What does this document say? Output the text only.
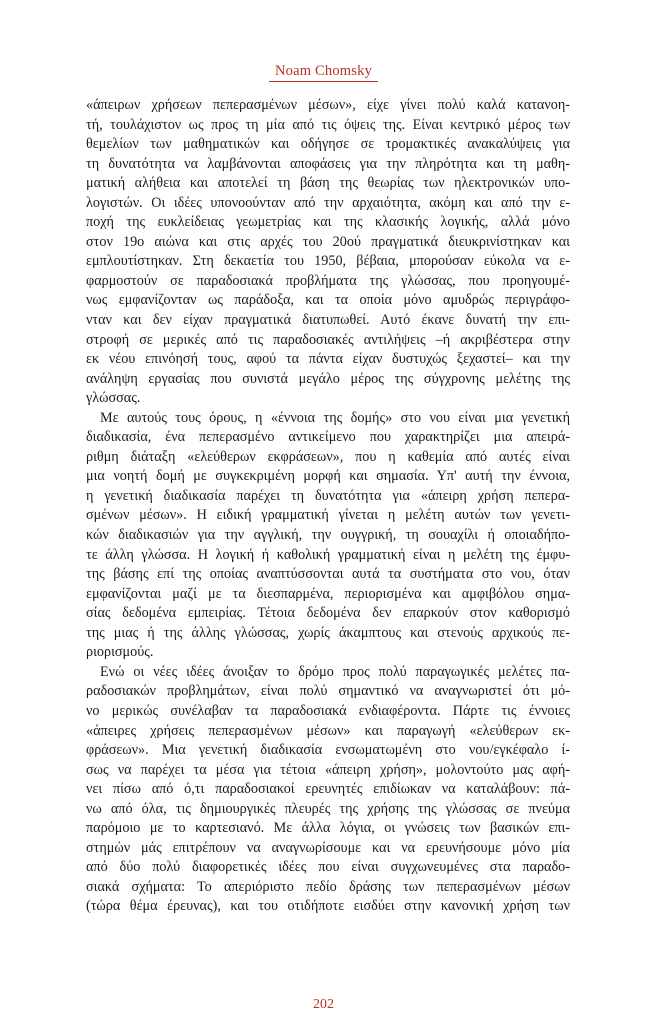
Noam Chomsky

«άπειρων χρήσεων πεπερασμένων μέσων», είχε γίνει πολύ καλά κατανοη-
τή, τουλάχιστον ως προς τη μία από τις όψεις της. Είναι κεντρικό μέρος των
θεμελίων των μαθηματικών και οδήγησε σε τρομακτικές ανακαλύψεις για
τη δυνατότητα να λαμβάνονται αποφάσεις για την πληρότητα και τη μαθη-
ματική αλήθεια και αποτελεί τη βάση της θεωρίας των ηλεκτρονικών υπο-
λογιστών. Οι ιδέες υπονοούνταν από την αρχαιότητα, ακόμη και από την ε-
ποχή της ευκλείδειας γεωμετρίας και της κλασικής λογικής, αλλά μόνο
στον 19ο αιώνα και στις αρχές του 20ού πραγματικά διευκρινίστηκαν και
εμπλουτίστηκαν. Στη δεκαετία του 1950, βέβαια, μπορούσαν εύκολα να ε-
φαρμοστούν σε παραδοσιακά προβλήματα της γλώσσας, που προηγουμέ-
νως εμφανίζονταν ως παράδοξα, και τα οποία μόνο αμυδρώς περιγράφο-
νταν και δεν είχαν πραγματικά διατυπωθεί. Αυτό έκανε δυνατή την επι-
στροφή σε μερικές από τις παραδοσιακές αντιλήψεις –ή ακριβέστερα στην
εκ νέου επινόησή τους, αφού τα πάντα είχαν δυστυχώς ξεχαστεί– και την
ανάληψη εργασίας που συνιστά μεγάλο μέρος της σύγχρονης μελέτης της
γλώσσας.

Με αυτούς τους όρους, η «έννοια της δομής» στο νου είναι μια γενετική
διαδικασία, ένα πεπερασμένο αντικείμενο που χαρακτηρίζει μια απειρά-
ριθμη διάταξη «ελεύθερων εκφράσεων», που η καθεμία από αυτές είναι
μια νοητή δομή με συγκεκριμένη μορφή και σημασία. Υπ' αυτή την έννοια,
η γενετική διαδικασία παρέχει τη δυνατότητα για «άπειρη χρήση πεπερα-
σμένων μέσων». Η ειδική γραμματική γίνεται η μελέτη αυτών των γενετι-
κών διαδικασιών για την αγγλική, την ουγγρική, τη σουαχίλι ή οποιαδήπο-
τε άλλη γλώσσα. Η λογική ή καθολική γραμματική είναι η μελέτη της έμφυ-
της βάσης επί της οποίας αναπτύσσονται αυτά τα συστήματα στο νου, όταν
εμφανίζονται μαζί με τα διεσπαρμένα, περιορισμένα και αμφιβόλου σημα-
σίας δεδομένα εμπειρίας. Τέτοια δεδομένα δεν επαρκούν στον καθορισμό
της μιας ή της άλλης γλώσσας, χωρίς άκαμπτους και στενούς αρχικούς πε-
ριορισμούς.

Ενώ οι νέες ιδέες άνοιξαν το δρόμο προς πολύ παραγωγικές μελέτες πα-
ραδοσιακών προβλημάτων, είναι πολύ σημαντικό να αναγνωριστεί ότι μό-
νο μερικώς συνέλαβαν τα παραδοσιακά ενδιαφέροντα. Πάρτε τις έννοιες
«άπειρες χρήσεις πεπερασμένων μέσων» και παραγωγή «ελεύθερων εκ-
φράσεων». Μια γενετική διαδικασία ενσωματωμένη στο νου/εγκέφαλο ί-
σως να παρέχει τα μέσα για τέτοια «άπειρη χρήση», μολοντούτο μας αφή-
νει πίσω από ό,τι παραδοσιακοί ερευνητές επιδίωκαν να καταλάβουν: πά-
νω από όλα, τις δημιουργικές πλευρές της χρήσης της γλώσσας σε πνεύμα
παρόμοιο με το καρτεσιανό. Με άλλα λόγια, οι γνώσεις των βασικών επι-
στημών μάς επιτρέπουν να αναγνωρίσουμε και να ερευνήσουμε μόνο μία
από δύο πολύ διαφορετικές ιδέες που είναι συγχωνευμένες στα παραδο-
σιακά σχήματα: Το απεριόριστο πεδίο δράσης των πεπερασμένων μέσων
(τώρα θέμα έρευνας), και του οτιδήποτε εισδύει στην κανονική χρήση των

202
